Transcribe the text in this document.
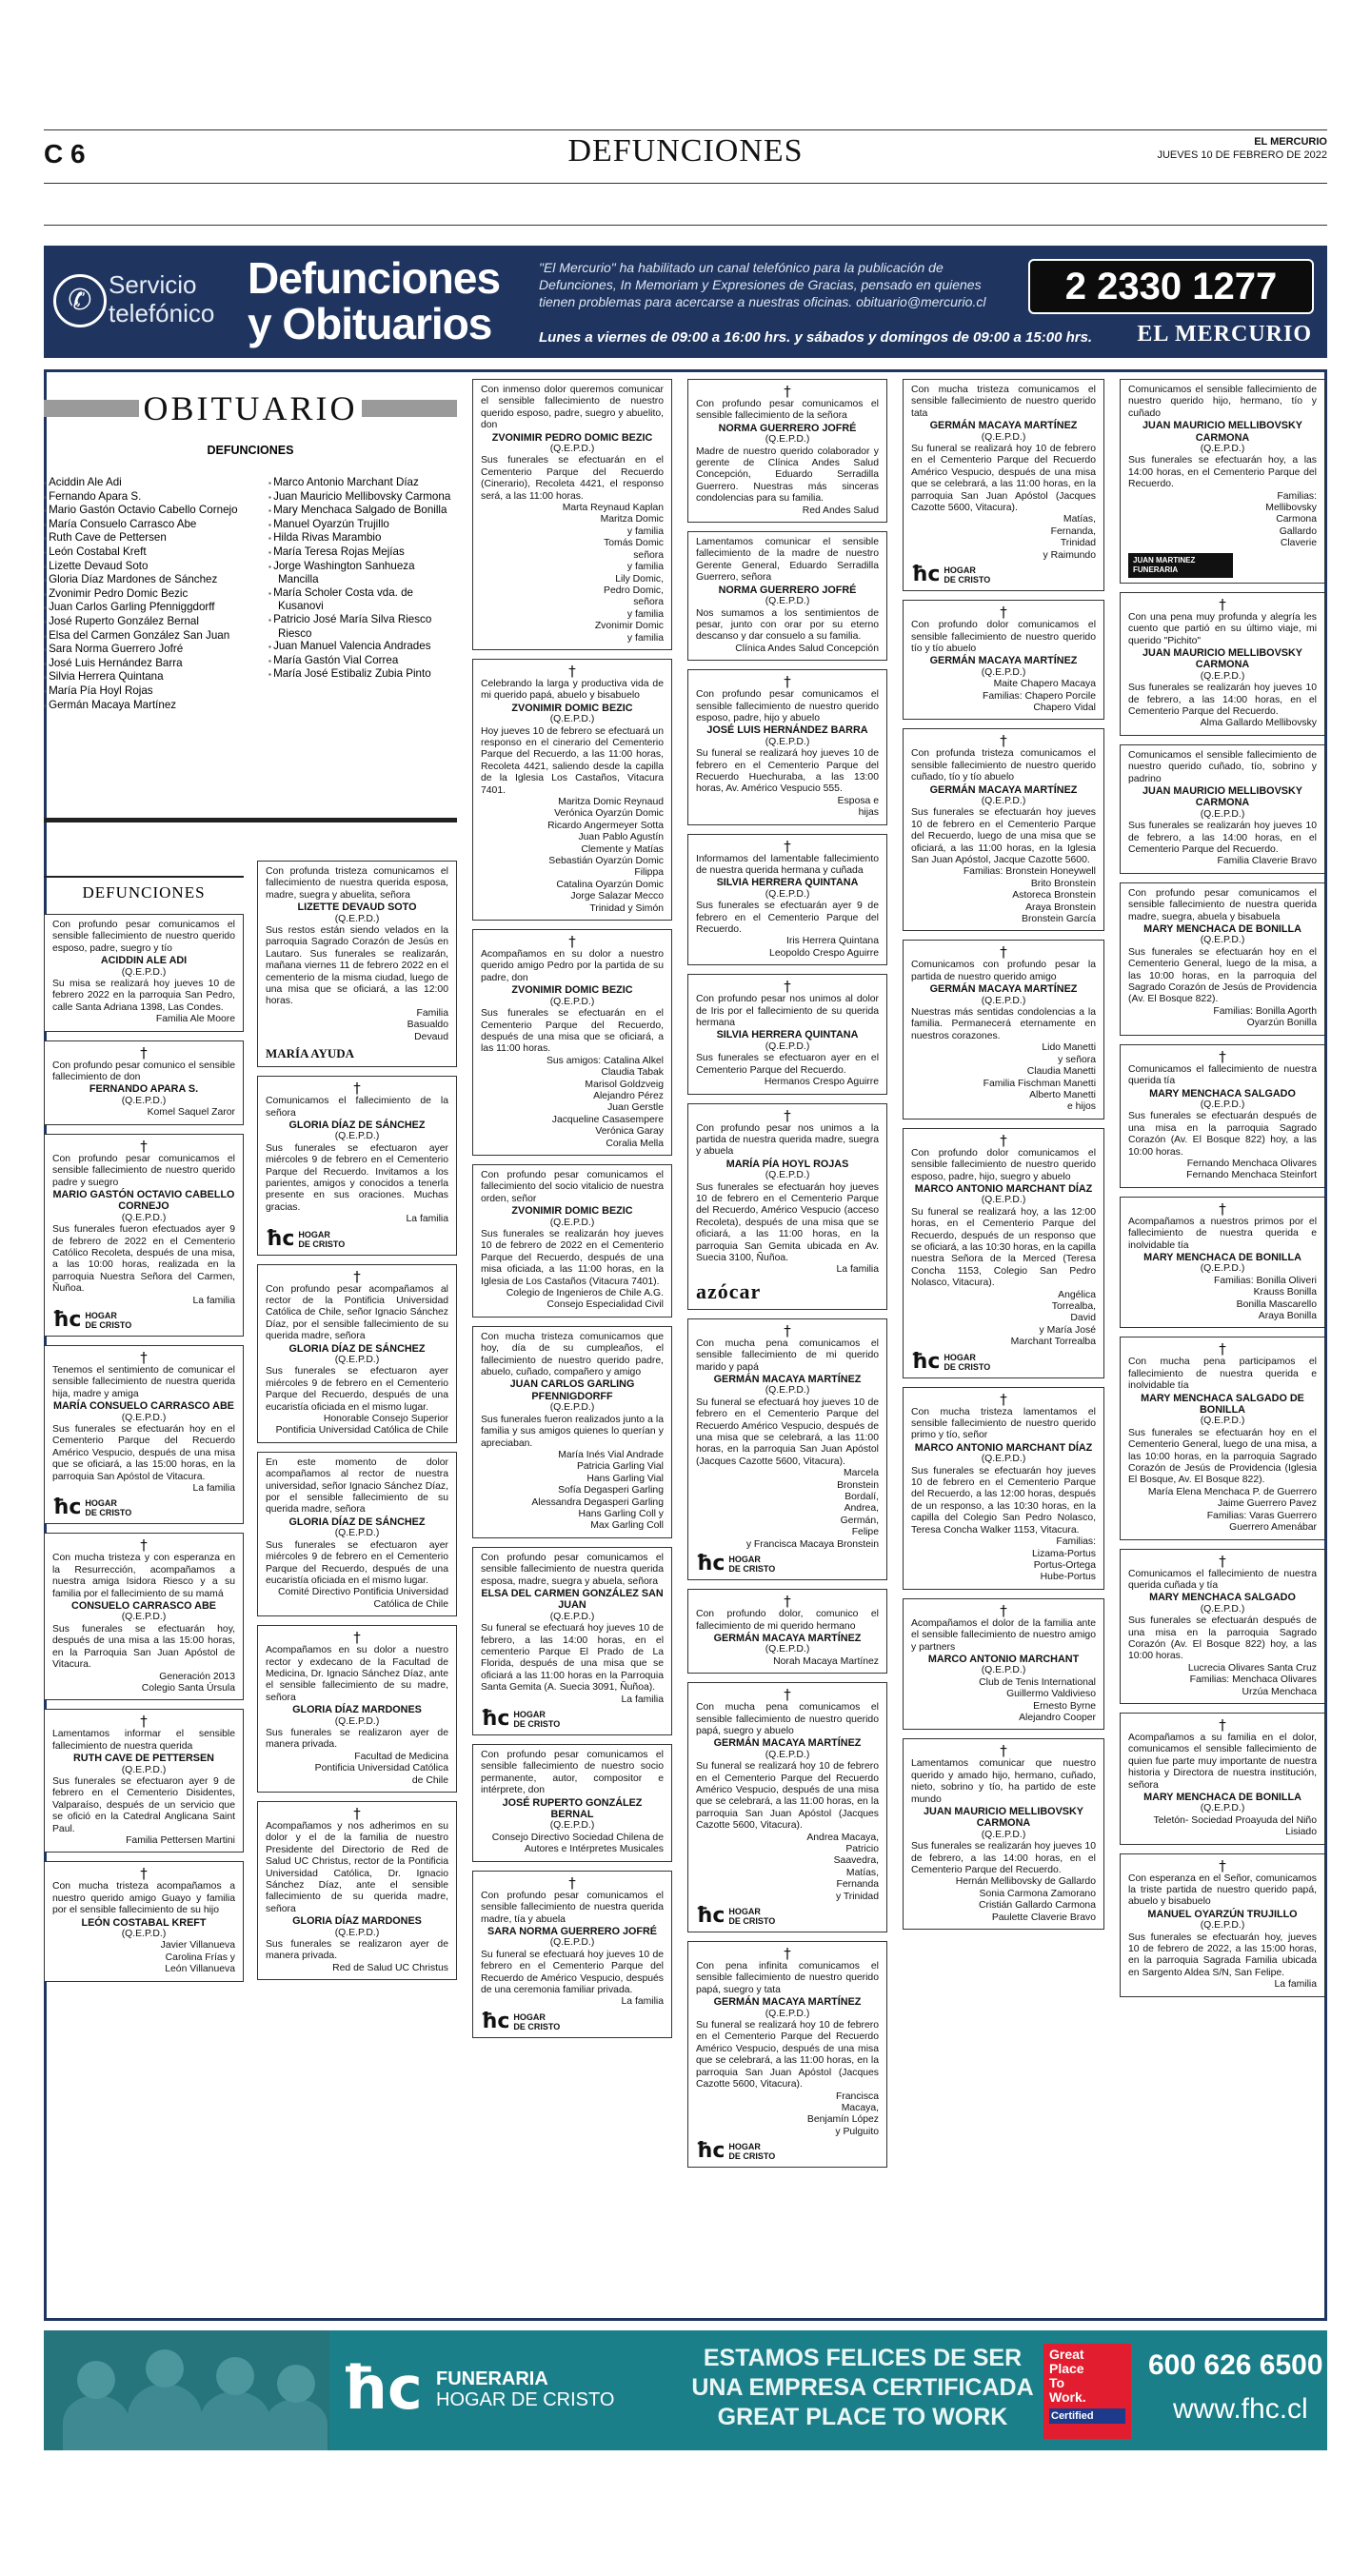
C 6	DEFUNCIONES	EL MERCURIO
JUEVES 10 DE FEBRERO DE 2022
✆ Servicio
telefónico
Defunciones
y Obituarios
"El Mercurio" ha habilitado un canal telefónico para la publicación de Defunciones, In Memoriam y Expresiones de Gracias, pensado en quienes tienen problemas para acercarse a nuestras oficinas. obituario@mercurio.cl
Lunes a viernes de 09:00 a 16:00 hrs. y sábados y domingos de 09:00 a 15:00 hrs.
2 2330 1277
EL MERCURIO
OBITUARIO
DEFUNCIONES
▪ Aciddin Ale Adi
▪ Fernando Apara S.
▪ Mario Gastón Octavio Cabello Cornejo
▪ María Consuelo Carrasco Abe
▪ Ruth Cave de Pettersen
▪ León Costabal Kreft
▪ Lizette Devaud Soto
▪ Gloria Díaz Mardones de Sánchez
▪ Zvonimir Pedro Domic Bezic
▪ Juan Carlos Garling Pfenniggdorff
▪ José Ruperto González Bernal
▪ Elsa del Carmen González San Juan
▪ Sara Norma Guerrero Jofré
▪ José Luis Hernández Barra
▪ Silvia Herrera Quintana
▪ María Pía Hoyl Rojas
▪ Germán Macaya Martínez
▪ Marco Antonio Marchant Díaz
▪ Juan Mauricio Mellibovsky Carmona
▪ Mary Menchaca Salgado de Bonilla
▪ Manuel Oyarzún Trujillo
▪ Hilda Rivas Marambio
▪ María Teresa Rojas Mejías
▪ Jorge Washington Sanhueza Mancilla
▪ María Scholer Costa vda. de Kusanovi
▪ Patricio José María Silva Riesco Riesco
▪ Juan Manuel Valencia Andrades
▪ María Gastón Vial Correa
▪ María José Estibaliz Zubia Pinto
DEFUNCIONES
Con profundo pesar comunicamos el sensible fallecimiento de nuestro querido esposo, padre, suegro y tío
ACIDDIN ALE ADI
(Q.E.P.D.)
Su misa se realizará hoy jueves 10 de febrero 2022 en la parroquia San Pedro, calle Santa Adriana 1398, Las Condes.
Familia Ale Moore
†
Con profundo pesar comunico el sensible fallecimiento de don
FERNANDO APARA S.
(Q.E.P.D.)
Komel Saquel Zaror
†
Con profundo pesar comunicamos el sensible fallecimiento de nuestro querido padre y suegro
MARIO GASTÓN OCTAVIO CABELLO CORNEJO
(Q.E.P.D.)
Sus funerales fueron efectuados ayer 9 de febrero de 2022 en el Cementerio Católico Recoleta, después de una misa, a las 10:00 horas, realizada en la parroquia Nuestra Señora del Carmen, Ñuñoa.
La familia
ħc HOGAR
DE CRISTO
†
Tenemos el sentimiento de comunicar el sensible fallecimiento de nuestra querida hija, madre y amiga
MARÍA CONSUELO CARRASCO ABE
(Q.E.P.D.)
Sus funerales se efectuarán hoy en el Cementerio Parque del Recuerdo Américo Vespucio, después de una misa que se oficiará, a las 15:00 horas, en la parroquia San Apóstol de Vitacura.
La familia
ħc HOGAR
DE CRISTO
†
Con mucha tristeza y con esperanza en la Resurrección, acompañamos a nuestra amiga Isidora Riesco y a su familia por el fallecimiento de su mamá
CONSUELO CARRASCO ABE
(Q.E.P.D.)
Sus funerales se efectuarán hoy, después de una misa a las 15:00 horas, en la Parroquia San Juan Apóstol de Vitacura.
Generación 2013
Colegio Santa Úrsula
†
Lamentamos informar el sensible fallecimiento de nuestra querida
RUTH CAVE DE PETTERSEN
(Q.E.P.D.)
Sus funerales se efectuaron ayer 9 de febrero en el Cementerio Disidentes, Valparaíso, después de un servicio que se ofició en la Catedral Anglicana Saint Paul.
Familia Pettersen Martini
†
Con mucha tristeza acompañamos a nuestro querido amigo Guayo y familia por el sensible fallecimiento de su hijo
LEÓN COSTABAL KREFT
(Q.E.P.D.)
Javier Villanueva
Carolina Frías y
León Villanueva
Con profunda tristeza comunicamos el fallecimiento de nuestra querida esposa, madre, suegra y abuelita, señora
LIZETTE DEVAUD SOTO
(Q.E.P.D.)
Sus restos están siendo velados en la parroquia Sagrado Corazón de Jesús en Lautaro. Sus funerales se realizarán, mañana viernes 11 de febrero 2022 en el cementerio de la misma ciudad, luego de una misa que se oficiará, a las 12:00 horas.
Familia
Basualdo
Devaud
MARÍA AYUDA
†
Comunicamos el fallecimiento de la señora
GLORIA DÍAZ DE SÁNCHEZ
(Q.E.P.D.)
Sus funerales se efectuaron ayer miércoles 9 de febrero en el Cementerio Parque del Recuerdo. Invitamos a los parientes, amigos y conocidos a tenerla presente en sus oraciones. Muchas gracias.
La familia
ħc HOGAR
DE CRISTO
†
Con profundo pesar acompañamos al rector de la Pontificia Universidad Católica de Chile, señor Ignacio Sánchez Díaz, por el sensible fallecimiento de su querida madre, señora
GLORIA DÍAZ DE SÁNCHEZ
(Q.E.P.D.)
Sus funerales se efectuaron ayer miércoles 9 de febrero en el Cementerio Parque del Recuerdo, después de una eucaristía oficiada en el mismo lugar.
Honorable Consejo Superior
Pontificia Universidad Católica de Chile
En este momento de dolor acompañamos al rector de nuestra universidad, señor Ignacio Sánchez Díaz, por el sensible fallecimiento de su querida madre, señora
GLORIA DÍAZ DE SÁNCHEZ
(Q.E.P.D.)
Sus funerales se efectuaron ayer miércoles 9 de febrero en el Cementerio Parque del Recuerdo, después de una eucaristía oficiada en el mismo lugar.
Comité Directivo Pontificia Universidad
Católica de Chile
†
Acompañamos en su dolor a nuestro rector y exdecano de la Facultad de Medicina, Dr. Ignacio Sánchez Díaz, ante el sensible fallecimiento de su madre, señora
GLORIA DÍAZ MARDONES
(Q.E.P.D.)
Sus funerales se realizaron ayer de manera privada.
Facultad de Medicina
Pontificia Universidad Católica
de Chile
†
Acompañamos y nos adherimos en su dolor y el de la familia de nuestro Presidente del Directorio de Red de Salud UC Christus, rector de la Pontificia Universidad Católica, Dr. Ignacio Sánchez Díaz, ante el sensible fallecimiento de su querida madre, señora
GLORIA DÍAZ MARDONES
(Q.E.P.D.)
Sus funerales se realizaron ayer de manera privada.
Red de Salud UC Christus
Con inmenso dolor queremos comunicar el sensible fallecimiento de nuestro querido esposo, padre, suegro y abuelito, don
ZVONIMIR PEDRO DOMIC BEZIC
(Q.E.P.D.)
Sus funerales se efectuarán en el Cementerio Parque del Recuerdo (Cinerario), Recoleta 4421, el responso será, a las 11:00 horas.
Marta Reynaud Kaplan
Maritza Domic
y familia
Tomás Domic
señora
y familia
Lily Domic,
Pedro Domic,
señora
y familia
Zvonimir Domic
y familia
†
Celebrando la larga y productiva vida de mi querido papá, abuelo y bisabuelo
ZVONIMIR DOMIC BEZIC
(Q.E.P.D.)
Hoy jueves 10 de febrero se efectuará un responso en el cinerario del Cementerio Parque del Recuerdo, a las 11:00 horas, Recoleta 4421, saliendo desde la capilla de la Iglesia Los Castaños, Vitacura 7401.
Maritza Domic Reynaud
Verónica Oyarzún Domic
Ricardo Angermeyer Sotta
Juan Pablo Agustín
Clemente y Matías
Sebastián Oyarzún Domic
Filippa
Catalina Oyarzún Domic
Jorge Salazar Mecco
Trinidad y Simón
†
Acompañamos en su dolor a nuestro querido amigo Pedro por la partida de su padre, don
ZVONIMIR DOMIC BEZIC
(Q.E.P.D.)
Sus funerales se efectuarán en el Cementerio Parque del Recuerdo, después de una misa que se oficiará, a las 11:00 horas.
Sus amigos: Catalina Alkel
Claudia Tabak
Marisol Goldzveig
Alejandro Pérez
Juan Gerstle
Jacqueline Casasempere
Verónica Garay
Coralia Mella
Con profundo pesar comunicamos el fallecimiento del socio vitalicio de nuestra orden, señor
ZVONIMIR DOMIC BEZIC
(Q.E.P.D.)
Sus funerales se realizarán hoy jueves 10 de febrero de 2022 en el Cementerio Parque del Recuerdo, después de una misa oficiada, a las 11:00 horas, en la Iglesia de Los Castaños (Vitacura 7401).
Colegio de Ingenieros de Chile A.G.
Consejo Especialidad Civil
Con mucha tristeza comunicamos que hoy, día de su cumpleaños, el fallecimiento de nuestro querido padre, abuelo, cuñado, compañero y amigo
JUAN CARLOS GARLING PFENNIGDORFF
(Q.E.P.D.)
Sus funerales fueron realizados junto a la familia y sus amigos quienes lo querían y apreciaban.
María Inés Vial Andrade
Patricia Garling Vial
Hans Garling Vial
Sofía Degasperi Garling
Alessandra Degasperi Garling
Hans Garling Coll y
Max Garling Coll
Con profundo pesar comunicamos el sensible fallecimiento de nuestra querida esposa, madre, suegra y abuela, señora
ELSA DEL CARMEN GONZÁLEZ SAN JUAN
(Q.E.P.D.)
Su funeral se efectuará hoy jueves 10 de febrero, a las 14:00 horas, en el cementerio Parque El Prado de La Florida, después de una misa que se oficiará a las 11:00 horas en la Parroquia Santa Gemita (A. Suecia 3091, Ñuñoa).
La familia
ħc HOGAR
DE CRISTO
Con profundo pesar comunicamos el sensible fallecimiento de nuestro socio permanente, autor, compositor e intérprete, don
JOSÉ RUPERTO GONZÁLEZ BERNAL
(Q.E.P.D.)
Consejo Directivo Sociedad Chilena de
Autores e Intérpretes Musicales
†
Con profundo pesar comunicamos el sensible fallecimiento de nuestra querida madre, tía y abuela
SARA NORMA GUERRERO JOFRÉ
(Q.E.P.D.)
Su funeral se efectuará hoy jueves 10 de febrero en el Cementerio Parque del Recuerdo de Américo Vespucio, después de una ceremonia familiar privada.
La familia
ħc HOGAR
DE CRISTO
†
Con profundo pesar comunicamos el sensible fallecimiento de la señora
NORMA GUERRERO JOFRÉ
(Q.E.P.D.)
Madre de nuestro querido colaborador y gerente de Clínica Andes Salud Concepción, Eduardo Serradilla Guerrero. Nuestras más sinceras condolencias para su familia.
Red Andes Salud
Lamentamos comunicar el sensible fallecimiento de la madre de nuestro Gerente General, Eduardo Serradilla Guerrero, señora
NORMA GUERRERO JOFRÉ
(Q.E.P.D.)
Nos sumamos a los sentimientos de pesar, junto con orar por su eterno descanso y dar consuelo a su familia.
Clínica Andes Salud Concepción
†
Con profundo pesar comunicamos el sensible fallecimiento de nuestro querido esposo, padre, hijo y abuelo
JOSÉ LUIS HERNÁNDEZ BARRA
(Q.E.P.D.)
Su funeral se realizará hoy jueves 10 de febrero en el Cementerio Parque del Recuerdo Huechuraba, a las 13:00 horas, Av. Américo Vespucio 555.
Esposa e
hijas
†
Informamos del lamentable fallecimiento de nuestra querida hermana y cuñada
SILVIA HERRERA QUINTANA
(Q.E.P.D.)
Sus funerales se efectuarán ayer 9 de febrero en el Cementerio Parque del Recuerdo.
Iris Herrera Quintana
Leopoldo Crespo Aguirre
†
Con profundo pesar nos unimos al dolor de Iris por el fallecimiento de su querida hermana
SILVIA HERRERA QUINTANA
(Q.E.P.D.)
Sus funerales se efectuaron ayer en el Cementerio Parque del Recuerdo.
Hermanos Crespo Aguirre
†
Con profundo pesar nos unimos a la partida de nuestra querida madre, suegra y abuela
MARÍA PÍA HOYL ROJAS
(Q.E.P.D.)
Sus funerales se efectuarán hoy jueves 10 de febrero en el Cementerio Parque del Recuerdo, Américo Vespucio (acceso Recoleta), después de una misa que se oficiará, a las 11:00 horas, en la parroquia San Gemita ubicada en Av. Suecia 3100, Ñuñoa.
La familia
azócar
†
Con mucha pena comunicamos el sensible fallecimiento de mi querido marido y papá
GERMÁN MACAYA MARTÍNEZ
(Q.E.P.D.)
Su funeral se efectuará hoy jueves 10 de febrero en el Cementerio Parque del Recuerdo Américo Vespucio, después de una misa que se celebrará, a las 11:00 horas, en la parroquia San Juan Apóstol (Jacques Cazotte 5600, Vitacura).
Marcela
Bronstein
Bordalí,
Andrea,
Germán,
Felipe
y Francisca Macaya Bronstein
ħc HOGAR
DE CRISTO
†
Con profundo dolor, comunico el fallecimiento de mi querido hermano
GERMÁN MACAYA MARTÍNEZ
(Q.E.P.D.)
Norah Macaya Martínez
†
Con mucha pena comunicamos el sensible fallecimiento de nuestro querido papá, suegro y abuelo
GERMÁN MACAYA MARTÍNEZ
(Q.E.P.D.)
Su funeral se realizará hoy 10 de febrero en el Cementerio Parque del Recuerdo Américo Vespucio, después de una misa que se celebrará, a las 11:00 horas, en la parroquia San Juan Apóstol (Jacques Cazotte 5600, Vitacura).
Andrea Macaya,
Patricio
Saavedra,
Matías,
Fernanda
y Trinidad
ħc HOGAR
DE CRISTO
†
Con pena infinita comunicamos el sensible fallecimiento de nuestro querido papá, suegro y tata
GERMÁN MACAYA MARTÍNEZ
(Q.E.P.D.)
Su funeral se realizará hoy 10 de febrero en el Cementerio Parque del Recuerdo Américo Vespucio, después de una misa que se celebrará, a las 11:00 horas, en la parroquia San Juan Apóstol (Jacques Cazotte 5600, Vitacura).
Francisca
Macaya,
Benjamín López
y Pulguito
ħc HOGAR
DE CRISTO
Con mucha tristeza comunicamos el sensible fallecimiento de nuestro querido tata
GERMÁN MACAYA MARTÍNEZ
(Q.E.P.D.)
Su funeral se realizará hoy 10 de febrero en el Cementerio Parque del Recuerdo Américo Vespucio, después de una misa que se celebrará, a las 11:00 horas, en la parroquia San Juan Apóstol (Jacques Cazotte 5600, Vitacura).
Matías,
Fernanda,
Trinidad
y Raimundo
ħc HOGAR
DE CRISTO
†
Con profundo dolor comunicamos el sensible fallecimiento de nuestro querido tío y tío abuelo
GERMÁN MACAYA MARTÍNEZ
(Q.E.P.D.)
Maite Chapero Macaya
Familias: Chapero Porcile
Chapero Vidal
†
Con profunda tristeza comunicamos el sensible fallecimiento de nuestro querido cuñado, tío y tío abuelo
GERMÁN MACAYA MARTÍNEZ
(Q.E.P.D.)
Sus funerales se efectuarán hoy jueves 10 de febrero en el Cementerio Parque del Recuerdo, luego de una misa que se oficiará, a las 11:00 horas, en la Iglesia San Juan Apóstol, Jacque Cazotte 5600.
Familias: Bronstein Honeywell
Brito Bronstein
Astoreca Bronstein
Araya Bronstein
Bronstein García
†
Comunicamos con profundo pesar la partida de nuestro querido amigo
GERMÁN MACAYA MARTÍNEZ
(Q.E.P.D.)
Nuestras más sentidas condolencias a la familia. Permanecerá eternamente en nuestros corazones.
Lido Manetti
y señora
Claudia Manetti
Familia Fischman Manetti
Alberto Manetti
e hijos
†
Con profundo dolor comunicamos el sensible fallecimiento de nuestro querido esposo, padre, hijo, suegro y abuelo
MARCO ANTONIO MARCHANT DÍAZ
(Q.E.P.D.)
Su funeral se realizará hoy, a las 12:00 horas, en el Cementerio Parque del Recuerdo, después de un responso que se oficiará, a las 10:30 horas, en la capilla nuestra Señora de la Merced (Teresa Concha 1153, Colegio San Pedro Nolasco, Vitacura).
Angélica
Torrealba,
David
y María José
Marchant Torrealba
ħc HOGAR
DE CRISTO
†
Con mucha tristeza lamentamos el sensible fallecimiento de nuestro querido primo y tío, señor
MARCO ANTONIO MARCHANT DÍAZ
(Q.E.P.D.)
Sus funerales se efectuarán hoy jueves 10 de febrero en el Cementerio Parque del Recuerdo, a las 12:00 horas, después de un responso, a las 10:30 horas, en la capilla del Colegio San Pedro Nolasco, Teresa Concha Walker 1153, Vitacura.
Familias:
Lizama-Portus
Portus-Ortega
Hube-Portus
†
Acompañamos el dolor de la familia ante el sensible fallecimiento de nuestro amigo y partners
MARCO ANTONIO MARCHANT
(Q.E.P.D.)
Club de Tenis International
Guillermo Valdivieso
Ernesto Byrne
Alejandro Cooper
†
Lamentamos comunicar que nuestro querido y amado hijo, hermano, cuñado, nieto, sobrino y tío, ha partido de este mundo
JUAN MAURICIO MELLIBOVSKY CARMONA
(Q.E.P.D.)
Sus funerales se realizarán hoy jueves 10 de febrero, a las 14:00 horas, en el Cementerio Parque del Recuerdo.
Hernán Mellibovsky de Gallardo
Sonia Carmona Zamorano
Cristián Gallardo Carmona
Paulette Claverie Bravo
Comunicamos el sensible fallecimiento de nuestro querido hijo, hermano, tío y cuñado
JUAN MAURICIO MELLIBOVSKY CARMONA
(Q.E.P.D.)
Sus funerales se efectuarán hoy, a las 14:00 horas, en el Cementerio Parque del Recuerdo.
Familias:
Mellibovsky
Carmona
Gallardo
Claverie
JUAN MARTINEZ FUNERARIA
†
Con una pena muy profunda y alegría les cuento que partió en su último viaje, mi querido "Pichito"
JUAN MAURICIO MELLIBOVSKY CARMONA
(Q.E.P.D.)
Sus funerales se realizarán hoy jueves 10 de febrero, a las 14:00 horas, en el Cementerio Parque del Recuerdo.
Alma Gallardo Mellibovsky
Comunicamos el sensible fallecimiento de nuestro querido cuñado, tío, sobrino y padrino
JUAN MAURICIO MELLIBOVSKY CARMONA
(Q.E.P.D.)
Sus funerales se realizarán hoy jueves 10 de febrero, a las 14:00 horas, en el Cementerio Parque del Recuerdo.
Familia Claverie Bravo
Con profundo pesar comunicamos el sensible fallecimiento de nuestra querida madre, suegra, abuela y bisabuela
MARY MENCHACA DE BONILLA
(Q.E.P.D.)
Sus funerales se efectuarán hoy en el Cementerio General, luego de la misa, a las 10:00 horas, en la parroquia del Sagrado Corazón de Jesús de Providencia (Av. El Bosque 822).
Familias: Bonilla Agorth
Oyarzún Bonilla
†
Comunicamos el fallecimiento de nuestra querida tía
MARY MENCHACA SALGADO
(Q.E.P.D.)
Sus funerales se efectuarán después de una misa en la parroquia Sagrado Corazón (Av. El Bosque 822) hoy, a las 10:00 horas.
Fernando Menchaca Olivares
Fernando Menchaca Steinfort
†
Acompañamos a nuestros primos por el fallecimiento de nuestra querida e inolvidable tía
MARY MENCHACA DE BONILLA
(Q.E.P.D.)
Familias: Bonilla Oliveri
Krauss Bonilla
Bonilla Mascarello
Araya Bonilla
†
Con mucha pena participamos el fallecimiento de nuestra querida e inolvidable tía
MARY MENCHACA SALGADO DE BONILLA
(Q.E.P.D.)
Sus funerales se efectuarán hoy en el Cementerio General, luego de una misa, a las 10:00 horas, en la parroquia Sagrado Corazón de Jesús de Providencia (Iglesia El Bosque, Av. El Bosque 822).
María Elena Menchaca P. de Guerrero
Jaime Guerrero Pavez
Familias: Varas Guerrero
Guerrero Amenábar
†
Comunicamos el fallecimiento de nuestra querida cuñada y tía
MARY MENCHACA SALGADO
(Q.E.P.D.)
Sus funerales se efectuarán después de una misa en la parroquia Sagrado Corazón (Av. El Bosque 822) hoy, a las 10:00 horas.
Lucrecia Olivares Santa Cruz
Familias: Menchaca Olivares
Urzúa Menchaca
†
Acompañamos a su familia en el dolor, comunicamos el sensible fallecimiento de quien fue parte muy importante de nuestra historia y Directora de nuestra institución, señora
MARY MENCHACA DE BONILLA
(Q.E.P.D.)
Teletón- Sociedad Proayuda del Niño
Lisiado
†
Con esperanza en el Señor, comunicamos la triste partida de nuestro querido papá, abuelo y bisabuelo
MANUEL OYARZÚN TRUJILLO
(Q.E.P.D.)
Sus funerales se efectuarán hoy, jueves 10 de febrero de 2022, a las 15:00 horas, en la parroquia Sagrada Familia ubicada en Sargento Aldea S/N, San Felipe.
La familia
ħc FUNERARIA
HOGAR DE CRISTO
ESTAMOS FELICES DE SER
UNA EMPRESA CERTIFICADA
GREAT PLACE TO WORK
Great
Place
To
Work.
Certified
600 626 6500
www.fhc.cl
